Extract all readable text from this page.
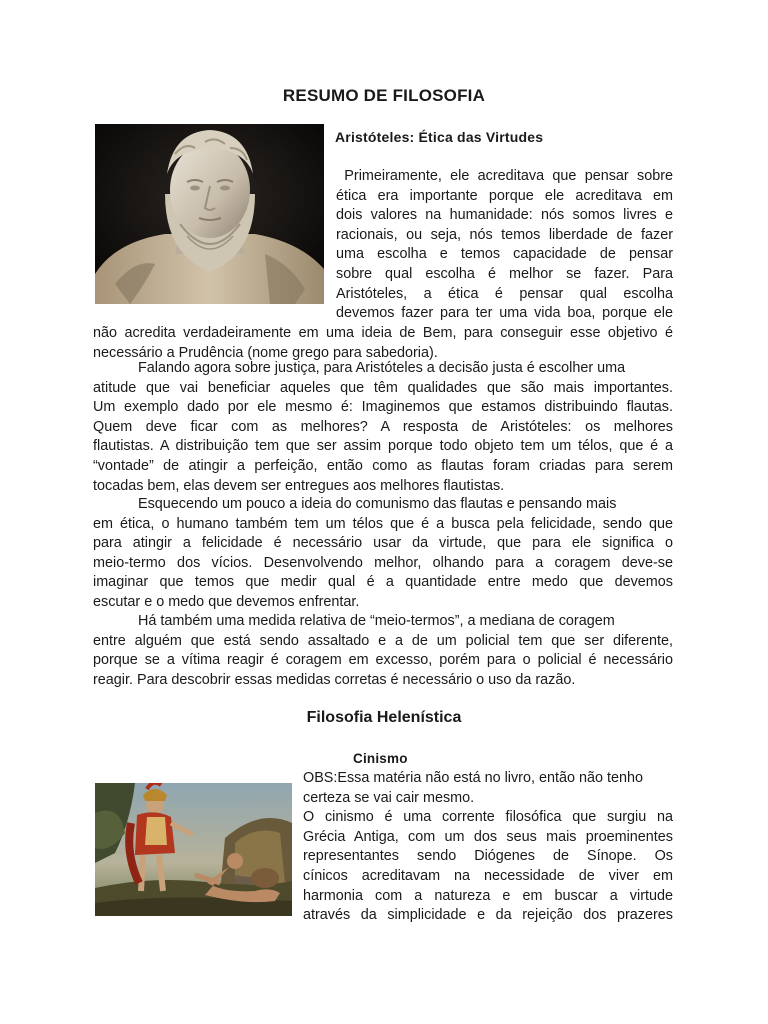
RESUMO DE FILOSOFIA
Aristóteles: Ética das Virtudes
Primeiramente, ele acreditava que pensar sobre
ética era importante porque ele acreditava em
dois valores na humanidade: nós somos livres e
racionais, ou seja, nós temos liberdade de fazer
uma escolha e temos capacidade de pensar
sobre qual escolha é melhor se fazer. Para
Aristóteles, a ética é pensar qual escolha
devemos fazer para ter uma vida boa, porque ele
não acredita verdadeiramente em uma ideia de Bem, para conseguir esse objetivo é
necessário a Prudência (nome grego para sabedoria).
Falando agora sobre justiça, para Aristóteles a decisão justa é escolher uma
atitude que vai beneficiar aqueles que têm qualidades que são mais importantes.
Um exemplo dado por ele mesmo é: Imaginemos que estamos distribuindo flautas.
Quem deve ficar com as melhores? A resposta de Aristóteles: os melhores
flautistas. A distribuição tem que ser assim porque todo objeto tem um télos, que é a
“vontade” de atingir a perfeição, então como as flautas foram criadas para serem
tocadas bem, elas devem ser entregues aos melhores flautistas.
Esquecendo um pouco a ideia do comunismo das flautas e pensando mais
em ética, o humano também tem um télos que é a busca pela felicidade, sendo que
para atingir a felicidade é necessário usar da virtude, que para ele significa o
meio-termo dos vícios. Desenvolvendo melhor, olhando para a coragem deve-se
imaginar que temos que medir qual é a quantidade entre medo que devemos
escutar e o medo que devemos enfrentar.
Há também uma medida relativa de “meio-termos”, a mediana de coragem
entre alguém que está sendo assaltado e a de um policial tem que ser diferente,
porque se a vítima reagir é coragem em excesso, porém para o policial é necessário
reagir. Para descobrir essas medidas corretas é necessário o uso da razão.
Filosofia Helenística
Cinismo
OBS:Essa matéria não está no livro, então não tenho
certeza se vai cair mesmo.
O cinismo é uma corrente filosófica que surgiu na
Grécia Antiga, com um dos seus mais proeminentes
representantes sendo Diógenes de Sínope. Os
cínicos acreditavam na necessidade de viver em
harmonia com a natureza e em buscar a virtude
através da simplicidade e da rejeição dos prazeres
